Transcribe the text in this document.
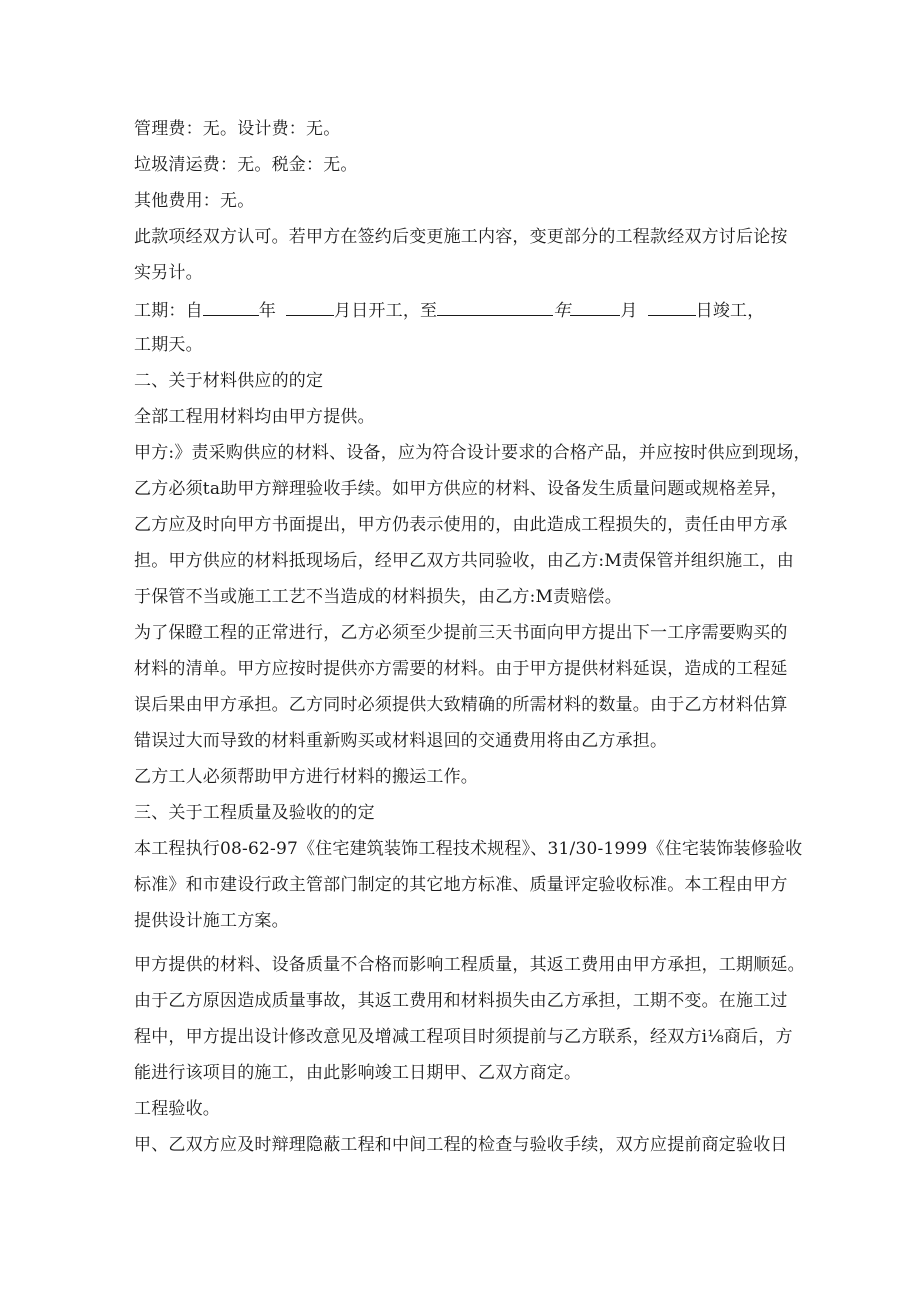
管理费：无。设计费：无。
垃圾清运费：无。税金：无。
其他费用：无。
此款项经双方认可。若甲方在签约后变更施工内容，变更部分的工程款经双方讨后论按
实另计。
工期：自	年	月日开工，至	年	月	日竣工，
工期天。
二、关于材料供应的的定
全部工程用材料均由甲方提供。
甲方:》责采购供应的材料、设备，应为符合设计要求的合格产品，并应按时供应到现场，
乙方必须ta助甲方辩理验收手续。如甲方供应的材料、设备发生质量问题或规格差异，
乙方应及时向甲方书面提出，甲方仍表示使用的，由此造成工程损失的，责任由甲方承
担。甲方供应的材料抵现场后，经甲乙双方共同验收，由乙方:M责保管并组织施工，由
于保管不当或施工工艺不当造成的材料损失，由乙方:M责赔偿。
为了保瞪工程的正常进行，乙方必须至少提前三天书面向甲方提出下一工序需要购买的
材料的清单。甲方应按时提供亦方需要的材料。由于甲方提供材料延误，造成的工程延
误后果由甲方承担。乙方同时必须提供大致精确的所需材料的数量。由于乙方材料估算
错误过大而导致的材料重新购买或材料退回的交通费用将由乙方承担。
乙方工人必须帮助甲方进行材料的搬运工作。
三、关于工程质量及验收的的定
本工程执行08-62-97《住宅建筑装饰工程技术规程》、31/30-1999《住宅装饰装修验收
标准》和市建设行政主管部门制定的其它地方标准、质量评定验收标准。本工程由甲方
提供设计施工方案。
甲方提供的材料、设备质量不合格而影响工程质量，其返工费用由甲方承担，工期顺延。
由于乙方原因造成质量事故，其返工费用和材料损失由乙方承担，工期不变。在施工过
程中，甲方提出设计修改意见及增减工程项目时须提前与乙方联系，经双方i⅛商后，方
能进行该项目的施工，由此影响竣工日期甲、乙双方商定。
工程验收。
甲、乙双方应及时辩理隐蔽工程和中间工程的检查与验收手续，双方应提前商定验收日
